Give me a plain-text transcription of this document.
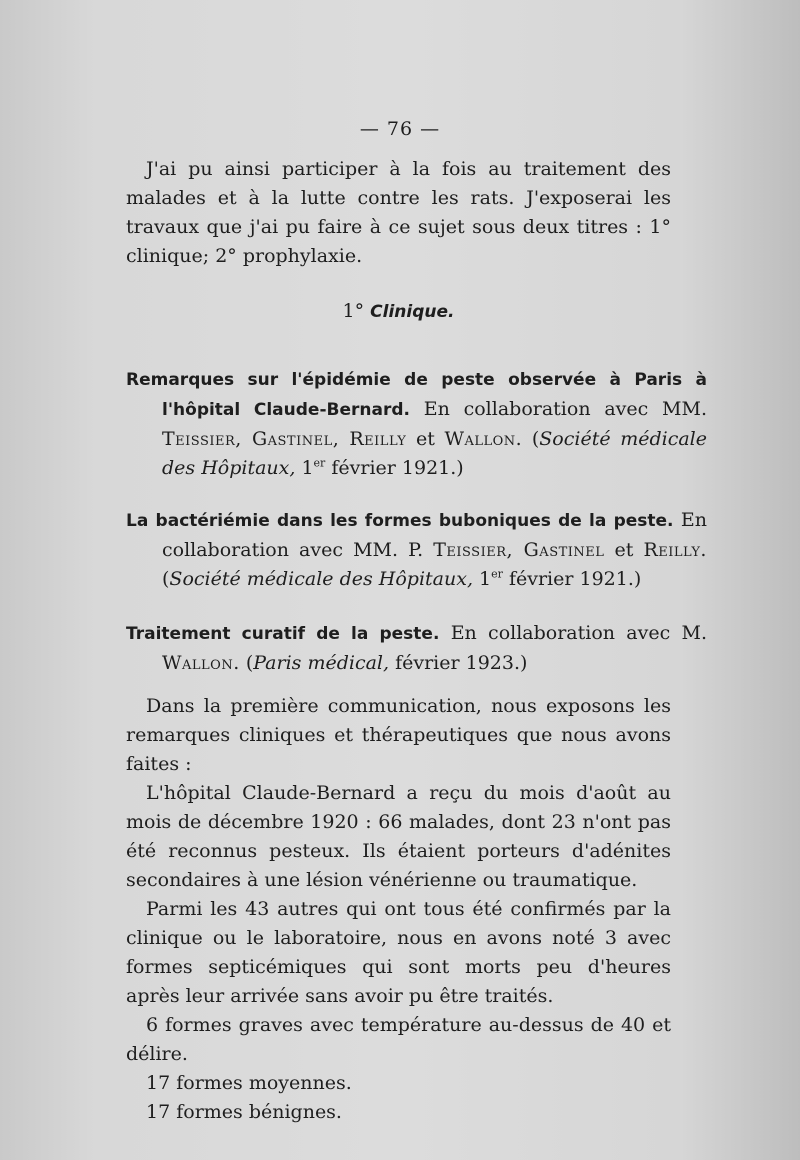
— 76 —

J'ai pu ainsi participer à la fois au traitement des malades et à la lutte contre les rats. J'exposerai les travaux que j'ai pu faire à ce sujet sous deux titres : 1° clinique; 2° prophylaxie.

1° Clinique.
Remarques sur l'épidémie de peste observée à Paris à l'hôpital Claude-Bernard. En collaboration avec MM. Teissier, Gastinel, Reilly et Wallon. (Société médicale des Hôpitaux, 1er février 1921.)
La bactériémie dans les formes buboniques de la peste. En collaboration avec MM. P. Teissier, Gastinel et Reilly. (Société médicale des Hôpitaux, 1er février 1921.)
Traitement curatif de la peste. En collaboration avec M. Wallon. (Paris médical, février 1923.)

Dans la première communication, nous exposons les remarques cliniques et thérapeutiques que nous avons faites :

L'hôpital Claude-Bernard a reçu du mois d'août au mois de décembre 1920 : 66 malades, dont 23 n'ont pas été reconnus pesteux. Ils étaient porteurs d'adénites secondaires à une lésion vénérienne ou traumatique.

Parmi les 43 autres qui ont tous été confirmés par la clinique ou le laboratoire, nous en avons noté 3 avec formes septicémiques qui sont morts peu d'heures après leur arrivée sans avoir pu être traités.

6 formes graves avec température au-dessus de 40 et délire.

17 formes moyennes.

17 formes bénignes.
